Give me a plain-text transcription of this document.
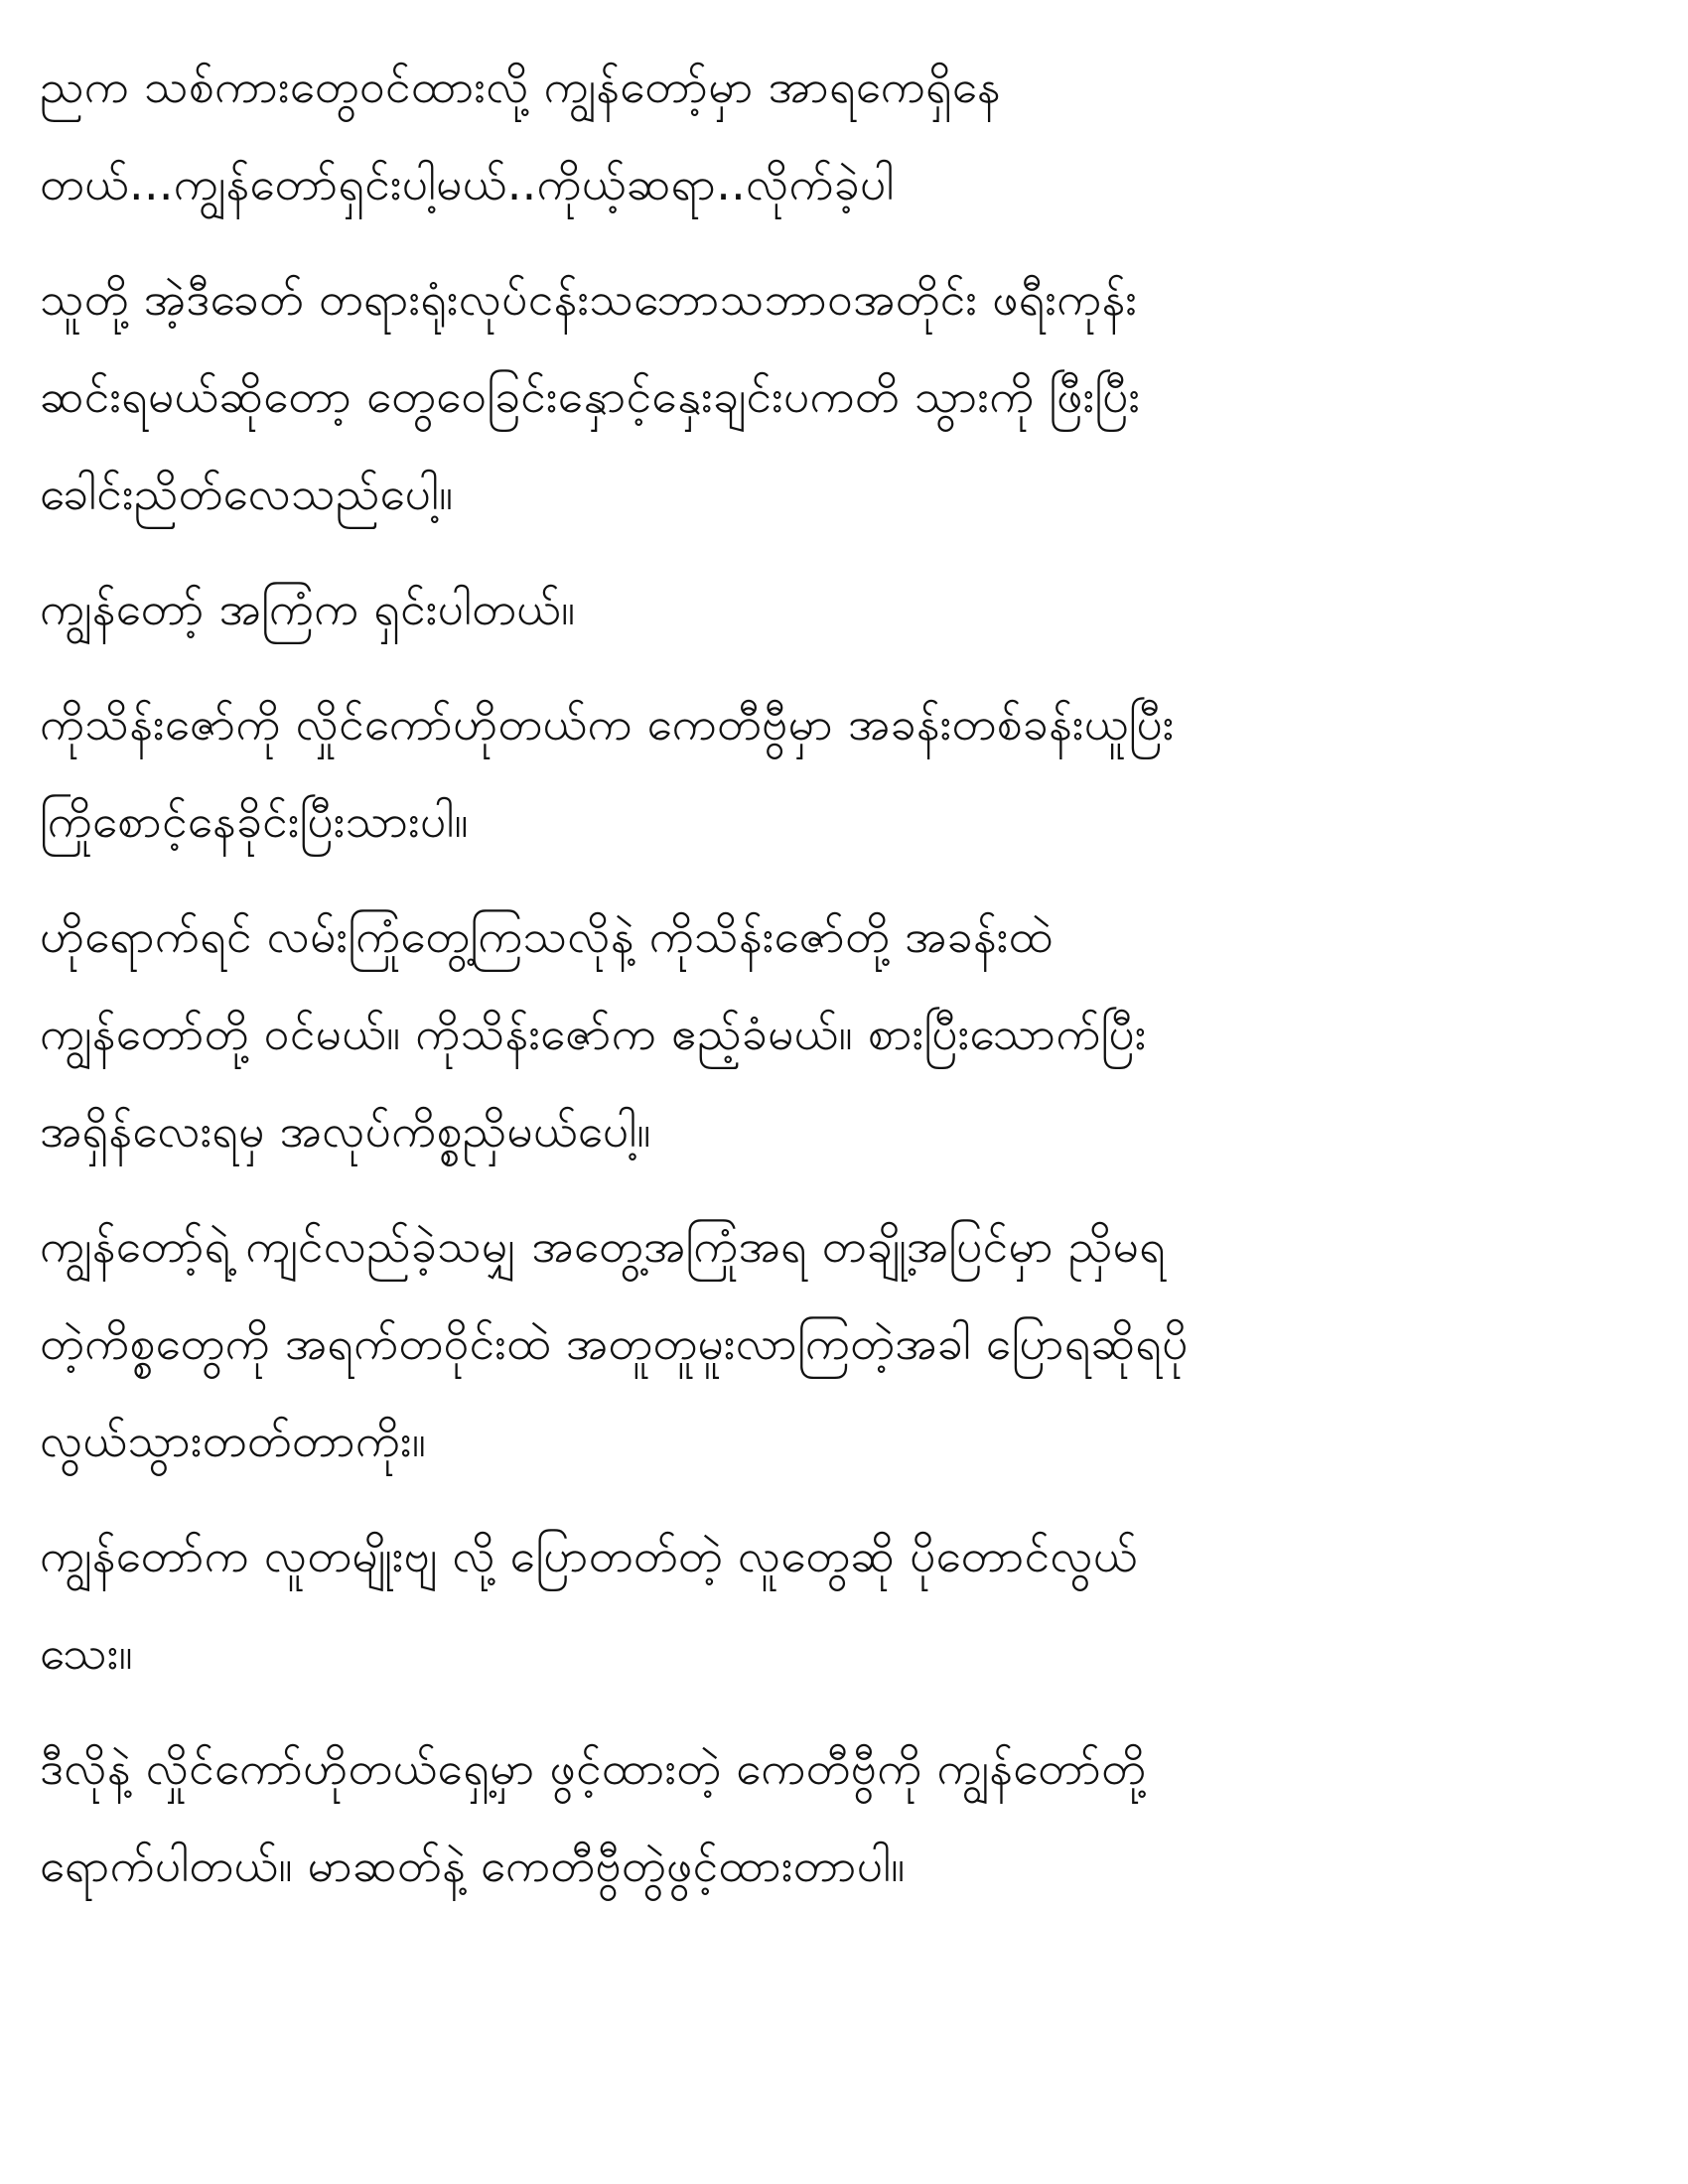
ညက သစ်ကားတွေဝင်ထားလို့ ကျွန်တော့်မှာ အာရကေရှိနေ
တယ်...ကျွန်တော်ရှင်းပါ့မယ်..ကိုယ့်ဆရာ..လိုက်ခဲ့ပါ
သူတို့ အဲ့ဒီခေတ် တရားရုံးလုပ်ငန်းသဘောသဘာဝအတိုင်း ဖရီးကုန်း
ဆင်းရမယ်ဆိုတော့ တွေဝေခြင်းနှောင့်နှေးချင်းပကတိ သွားကို ဖြီးပြီး
ခေါင်းညိတ်လေသည်ပေါ့။
ကျွန်တော့် အကြံက ရှင်းပါတယ်။
ကိုသိန်းဇော်ကို လှိုင်ကော်ဟိုတယ်က ကေတီဗွီမှာ အခန်းတစ်ခန်းယူပြီး
ကြိုစောင့်နေခိုင်းပြီးသားပါ။
ဟိုရောက်ရင် လမ်းကြုံတွေ့ကြသလိုနဲ့ ကိုသိန်းဇော်တို့ အခန်းထဲ
ကျွန်တော်တို့ ဝင်မယ်။ ကိုသိန်းဇော်က ဧည့်ခံမယ်။ စားပြီးသောက်ပြီး
အရှိန်လေးရမှ အလုပ်ကိစ္စညှိမယ်ပေါ့။
ကျွန်တော့်ရဲ့ ကျင်လည်ခဲ့သမျှ အတွေ့အကြုံအရ တချို့အပြင်မှာ ညှိမရ
တဲ့ကိစ္စတွေကို အရက်တဝိုင်းထဲ အတူတူမူးလာကြတဲ့အခါ ပြောရဆိုရပို
လွယ်သွားတတ်တာကိုး။
ကျွန်တော်က လူတမျိုးဗျ လို့ ပြောတတ်တဲ့ လူတွေဆို ပိုတောင်လွယ်
သေး။
ဒီလိုနဲ့ လှိုင်ကော်ဟိုတယ်ရှေ့မှာ ဖွင့်ထားတဲ့ ကေတီဗွီကို ကျွန်တော်တို့
ရောက်ပါတယ်။ မာဆတ်နဲ့ ကေတီဗွီတွဲဖွင့်ထားတာပါ။
